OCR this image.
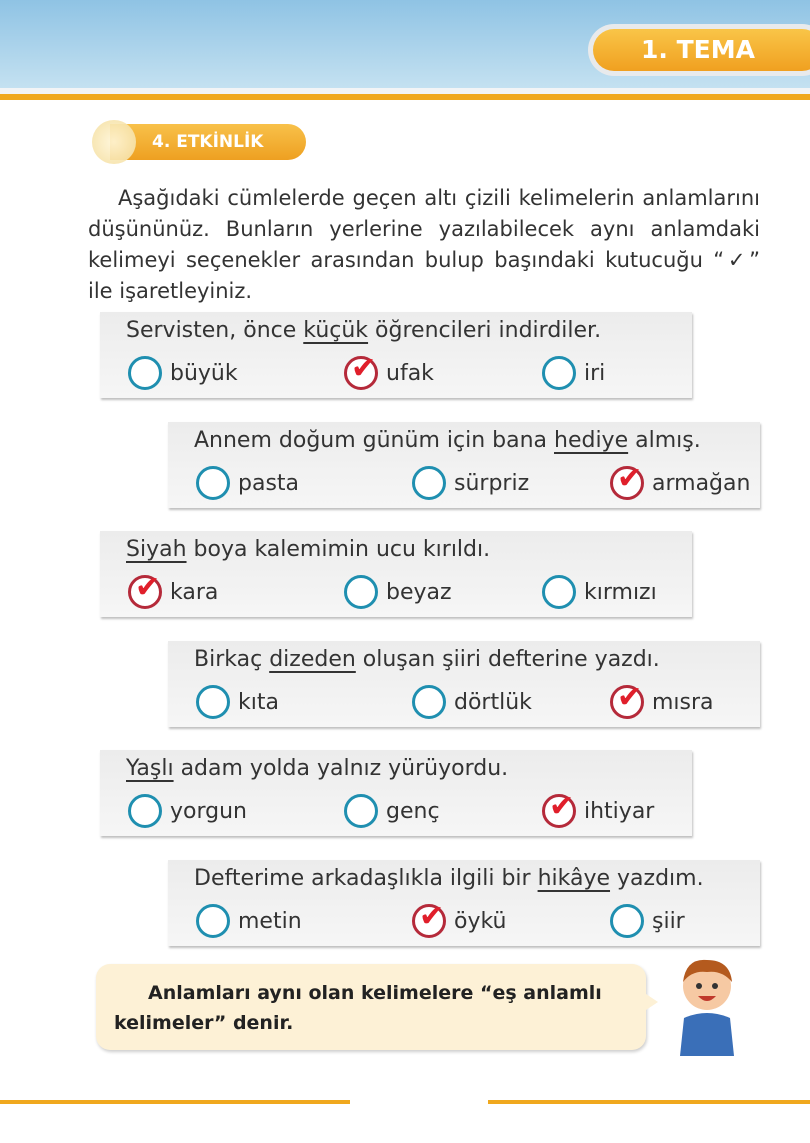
1. TEMA
4. ETKİNLİK

Aşağıdaki cümlelerde geçen altı çizili kelimelerin anlamlarını düşününüz. Bunların yerlerine yazılabilecek aynı anlamdaki kelimeyi seçenekler arasından bulup başındaki kutucuğu “✓” ile işaretleyiniz.

Servisten, önce küçük öğrencileri indirdiler.
büyük ✔	ufak	iri
Annem doğum günüm için bana hediye almış.
pasta	sürpriz ✔	armağan
Siyah boya kalemimin ucu kırıldı.
✔
kara	beyaz	kırmızı
Birkaç dizeden oluşan şiiri defterine yazdı.
kıta	dörtlük ✔	mısra
Yaşlı adam yolda yalnız yürüyordu.
yorgun	genç ✔	ihtiyar
Defterime arkadaşlıkla ilgili bir hikâye yazdım.
metin ✔	öykü	şiir
Anlamları aynı olan kelimelere “eş anlamlı kelimeler” denir.
